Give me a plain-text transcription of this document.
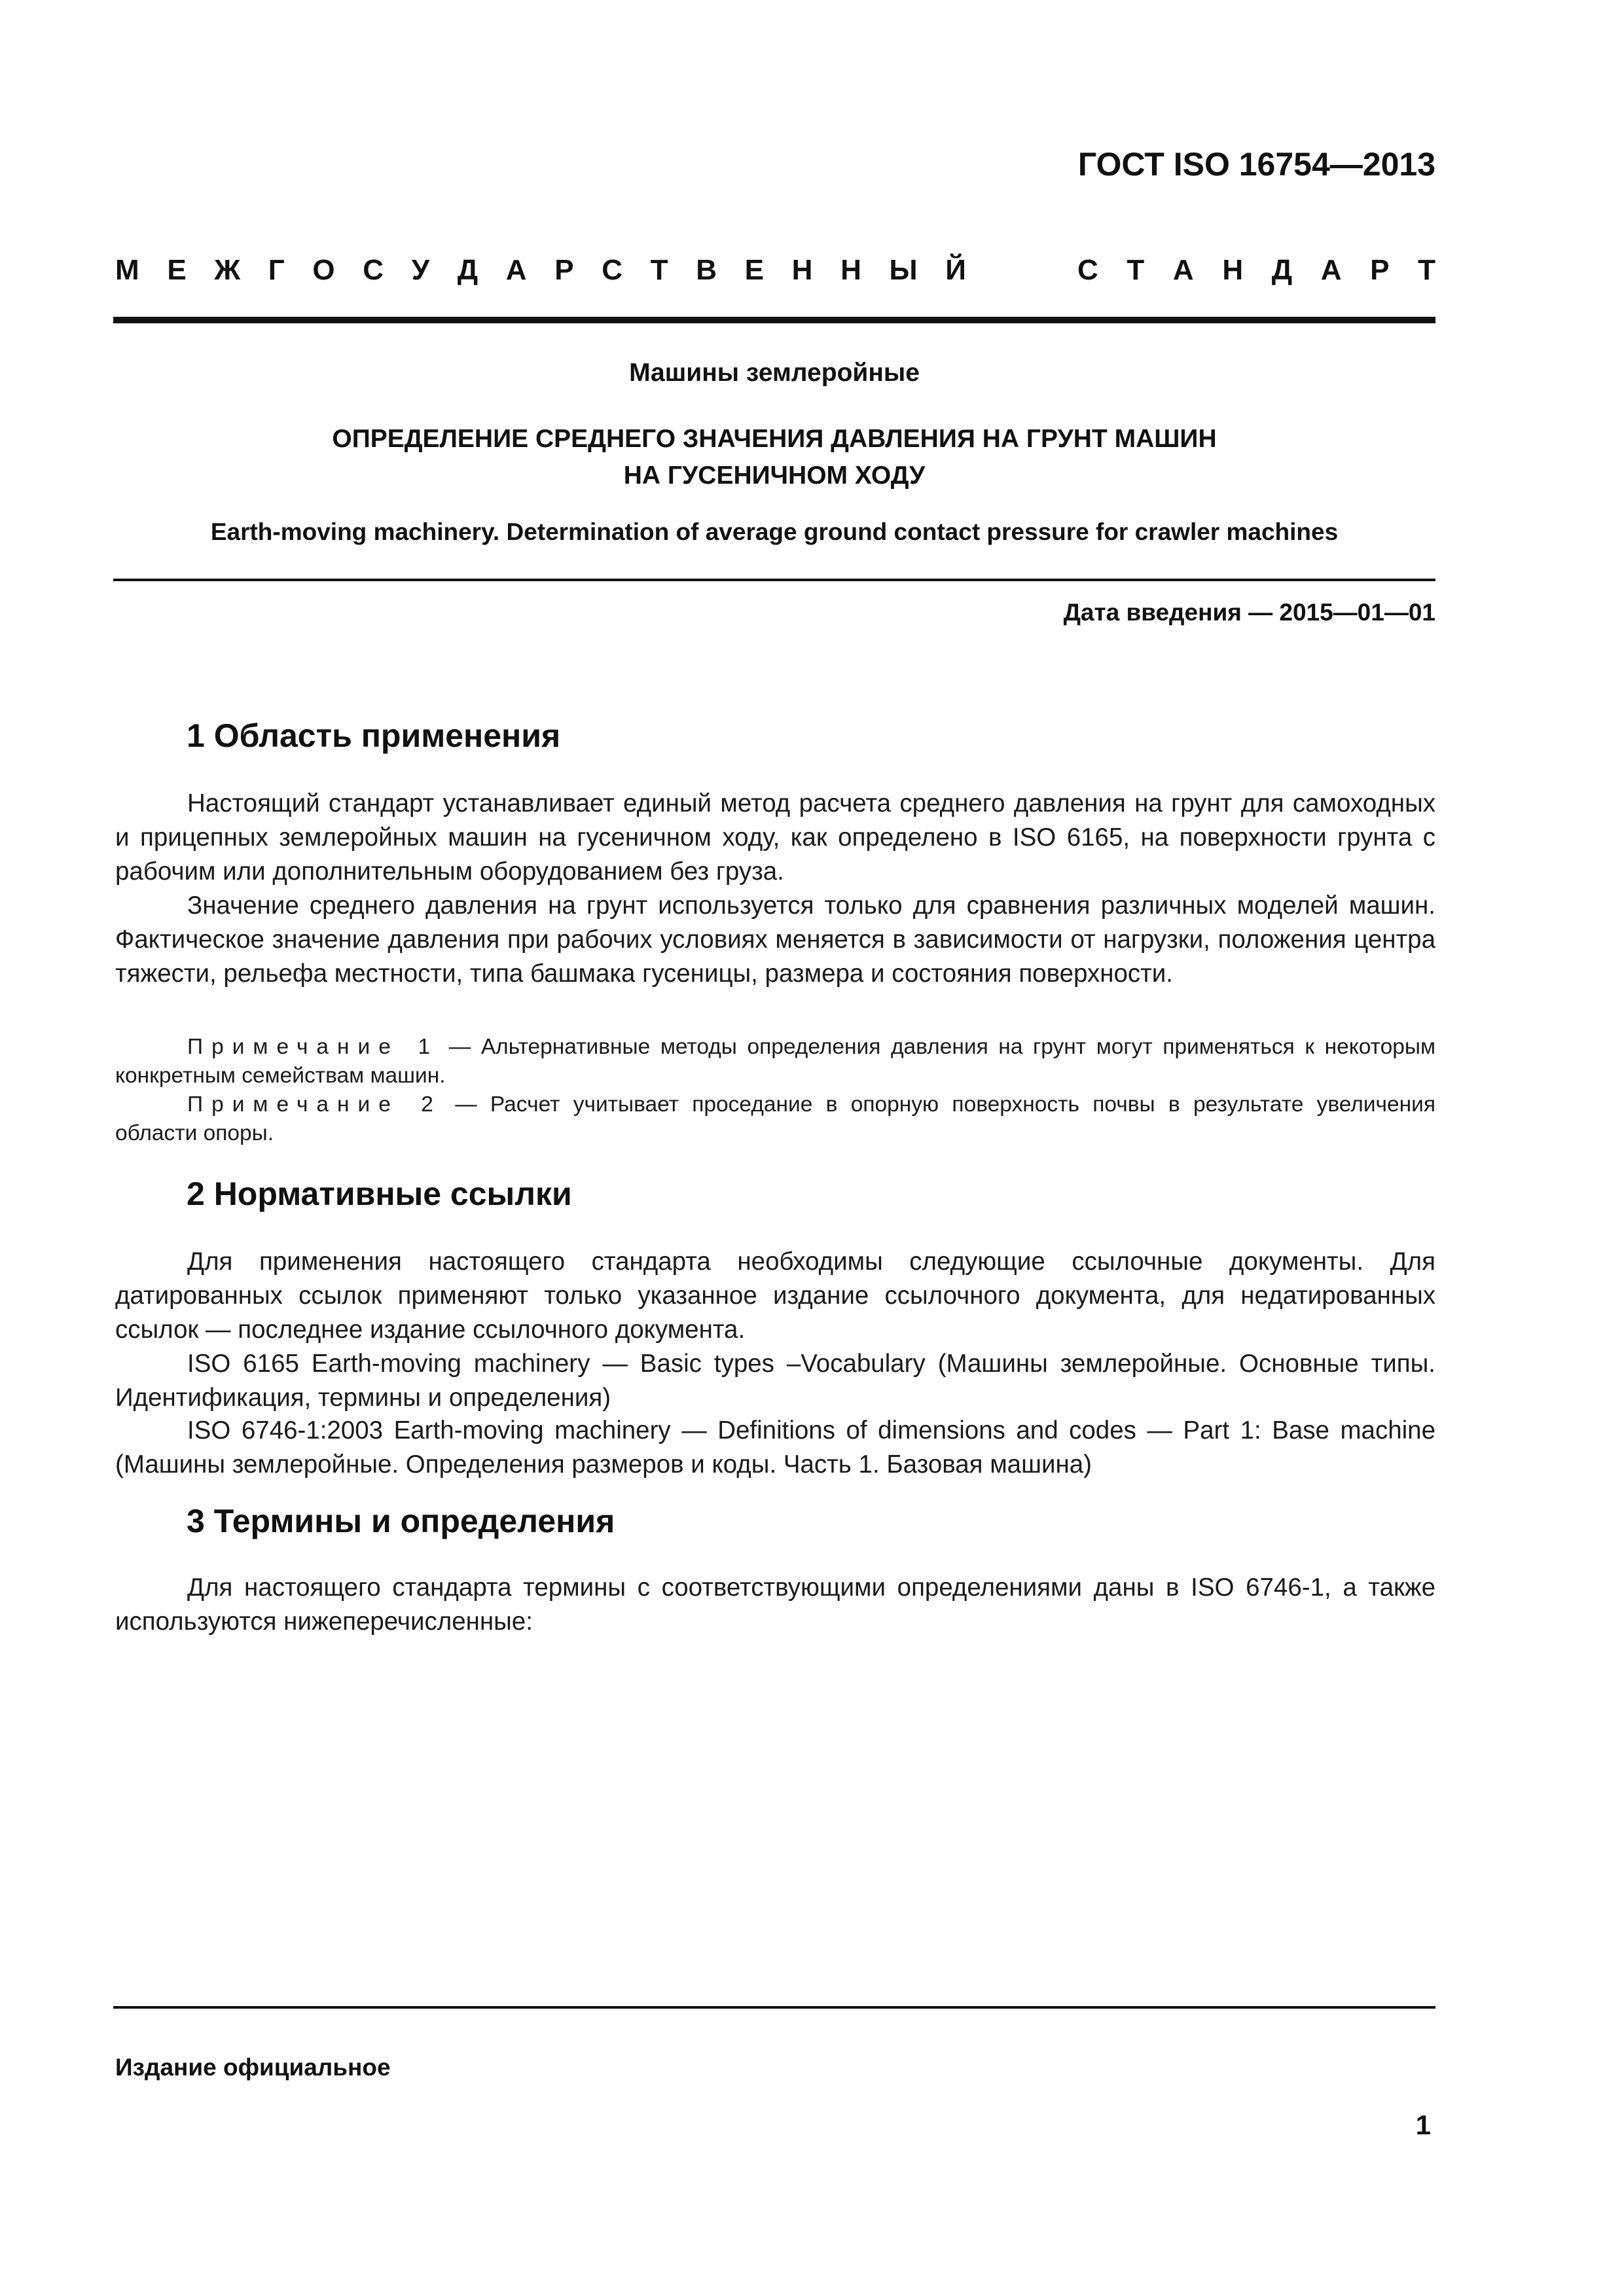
ГОСТ ISO 16754—2013
М Е Ж Г О С У Д А Р С Т В Е Н Н Ы Й	С Т А Н Д А Р Т
Машины землеройные
ОПРЕДЕЛЕНИЕ СРЕДНЕГО ЗНАЧЕНИЯ ДАВЛЕНИЯ НА ГРУНТ МАШИН
НА ГУСЕНИЧНОМ ХОДУ
Earth-moving machinery. Determination of average ground contact pressure for crawler machines
Дата введения — 2015—01—01
1 Область применения

Настоящий стандарт устанавливает единый метод расчета среднего давления на грунт для самоходных и прицепных землеройных машин на гусеничном ходу, как определено в ISO 6165, на поверхности грунта с рабочим или дополнительным оборудованием без груза.

Значение среднего давления на грунт используется только для сравнения различных моделей машин. Фактическое значение давления при рабочих условиях меняется в зависимости от нагрузки, положения центра тяжести, рельефа местности, типа башмака гусеницы, размера и состояния поверхности.

Примечание 1 — Альтернативные методы определения давления на грунт могут применяться к некоторым конкретным семействам машин.

Примечание 2 — Расчет учитывает проседание в опорную поверхность почвы в результате увеличения области опоры.

2 Нормативные ссылки

Для применения настоящего стандарта необходимы следующие ссылочные документы. Для датированных ссылок применяют только указанное издание ссылочного документа, для недатированных ссылок — последнее издание ссылочного документа.

ISO 6165 Earth-moving machinery — Basic types –Vocabulary (Машины землеройные. Основные типы. Идентификация, термины и определения)

ISO 6746-1:2003 Earth-moving machinery — Definitions of dimensions and codes — Part 1: Base machine (Машины землеройные. Определения размеров и коды. Часть 1. Базовая машина)

3 Термины и определения

Для настоящего стандарта термины с соответствующими определениями даны в ISO 6746-1, а также используются нижеперечисленные:

Издание официальное
1
